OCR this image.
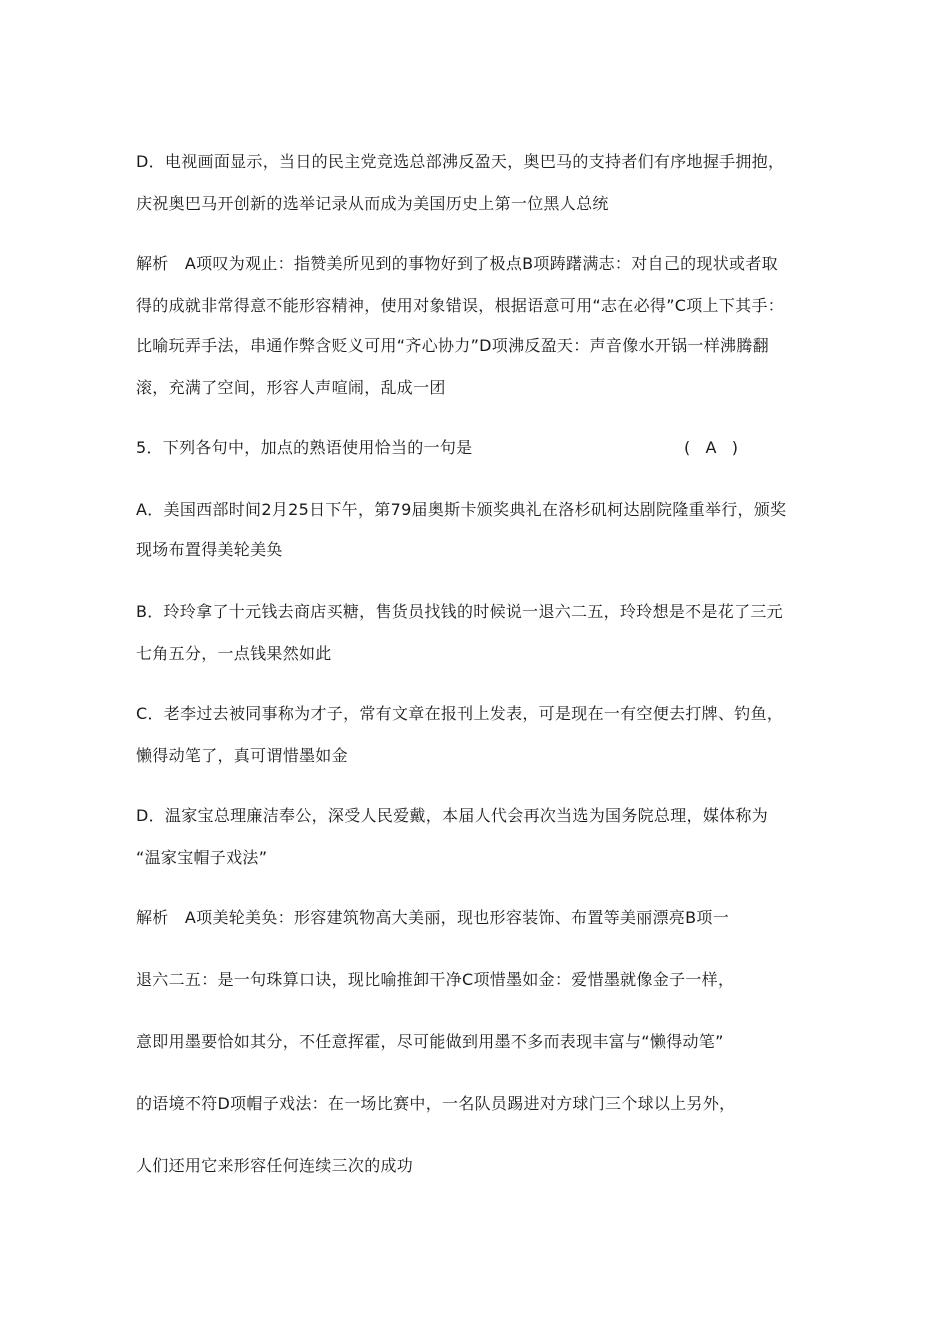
D．电视画面显示，当日的民主党竞选总部沸反盈天，奥巴马的支持者们有序地握手拥抱，
庆祝奥巴马开创新的选举记录从而成为美国历史上第一位黑人总统
解析　A项叹为观止：指赞美所见到的事物好到了极点B项踌躇满志：对自己的现状或者取
得的成就非常得意不能形容精神，使用对象错误，根据语意可用“志在必得”C项上下其手：
比喻玩弄手法，串通作弊含贬义可用“齐心协力”D项沸反盈天：声音像水开锅一样沸腾翻
滚，充满了空间，形容人声喧闹，乱成一团
5．下列各句中，加点的熟语使用恰当的一句是	(   A   )
A．美国西部时间2月25日下午，第79届奥斯卡颁奖典礼在洛杉矶柯达剧院隆重举行，颁奖
现场布置得美轮美奂
B．玲玲拿了十元钱去商店买糖，售货员找钱的时候说一退六二五，玲玲想是不是花了三元
七角五分，一点钱果然如此
C．老李过去被同事称为才子，常有文章在报刊上发表，可是现在一有空便去打牌、钓鱼，
懒得动笔了，真可谓惜墨如金
D．温家宝总理廉洁奉公，深受人民爱戴，本届人代会再次当选为国务院总理，媒体称为
“温家宝帽子戏法”
解析　A项美轮美奂：形容建筑物高大美丽，现也形容装饰、布置等美丽漂亮B项一
退六二五：是一句珠算口诀，现比喻推卸干净C项惜墨如金：爱惜墨就像金子一样，
意即用墨要恰如其分，不任意挥霍，尽可能做到用墨不多而表现丰富与“懒得动笔”
的语境不符D项帽子戏法：在一场比赛中，一名队员踢进对方球门三个球以上另外，
人们还用它来形容任何连续三次的成功
